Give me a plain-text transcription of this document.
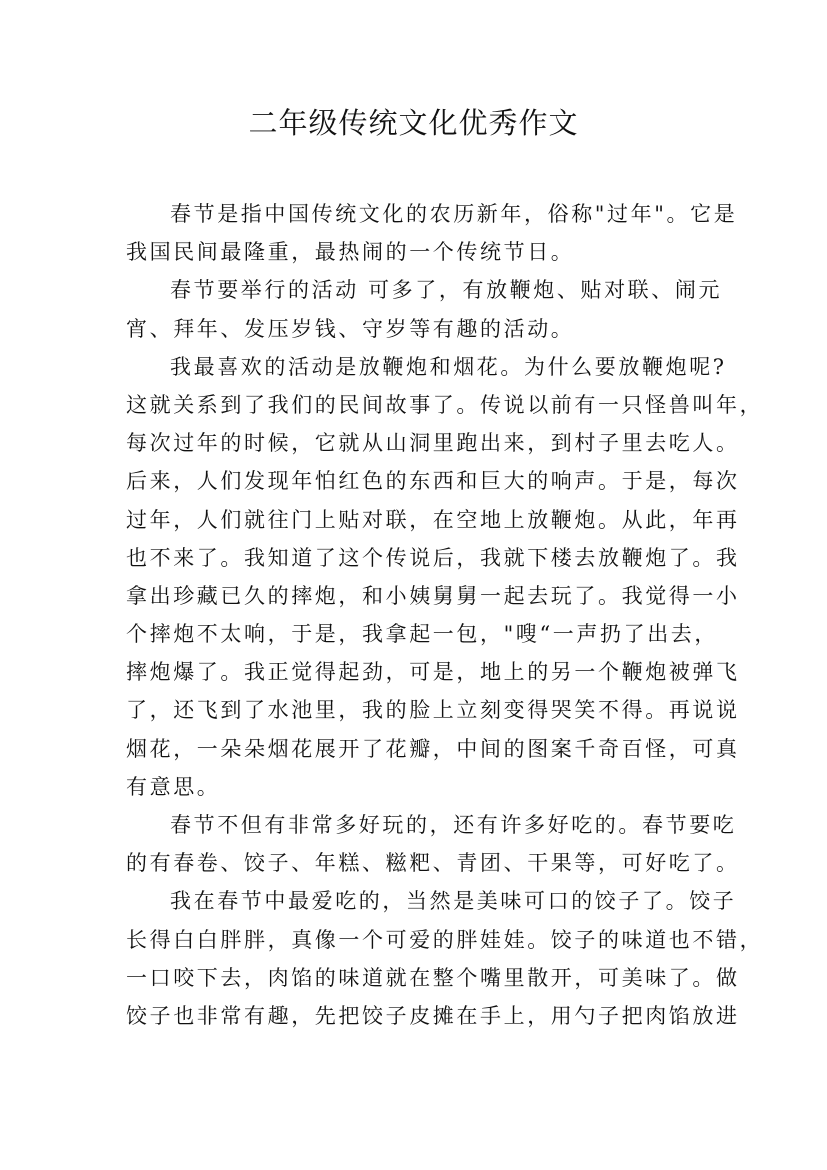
二年级传统文化优秀作文
春节是指中国传统文化的农历新年，俗称"过年"。它是
我国民间最隆重，最热闹的一个传统节日。
春节要举行的活动 可多了，有放鞭炮、贴对联、闹元
宵、拜年、发压岁钱、守岁等有趣的活动。
我最喜欢的活动是放鞭炮和烟花。为什么要放鞭炮呢?
这就关系到了我们的民间故事了。传说以前有一只怪兽叫年，
每次过年的时候，它就从山洞里跑出来，到村子里去吃人。
后来，人们发现年怕红色的东西和巨大的响声。于是，每次
过年，人们就往门上贴对联，在空地上放鞭炮。从此，年再
也不来了。我知道了这个传说后，我就下楼去放鞭炮了。我
拿出珍藏已久的摔炮，和小姨舅舅一起去玩了。我觉得一小
个摔炮不太响，于是，我拿起一包，"嗖“一声扔了出去，
摔炮爆了。我正觉得起劲，可是，地上的另一个鞭炮被弹飞
了，还飞到了水池里，我的脸上立刻变得哭笑不得。再说说
烟花，一朵朵烟花展开了花瓣，中间的图案千奇百怪，可真
有意思。
春节不但有非常多好玩的，还有许多好吃的。春节要吃
的有春卷、饺子、年糕、糍粑、青团、干果等，可好吃了。
我在春节中最爱吃的，当然是美味可口的饺子了。饺子
长得白白胖胖，真像一个可爱的胖娃娃。饺子的味道也不错，
一口咬下去，肉馅的味道就在整个嘴里散开，可美味了。做
饺子也非常有趣，先把饺子皮摊在手上，用勺子把肉馅放进
